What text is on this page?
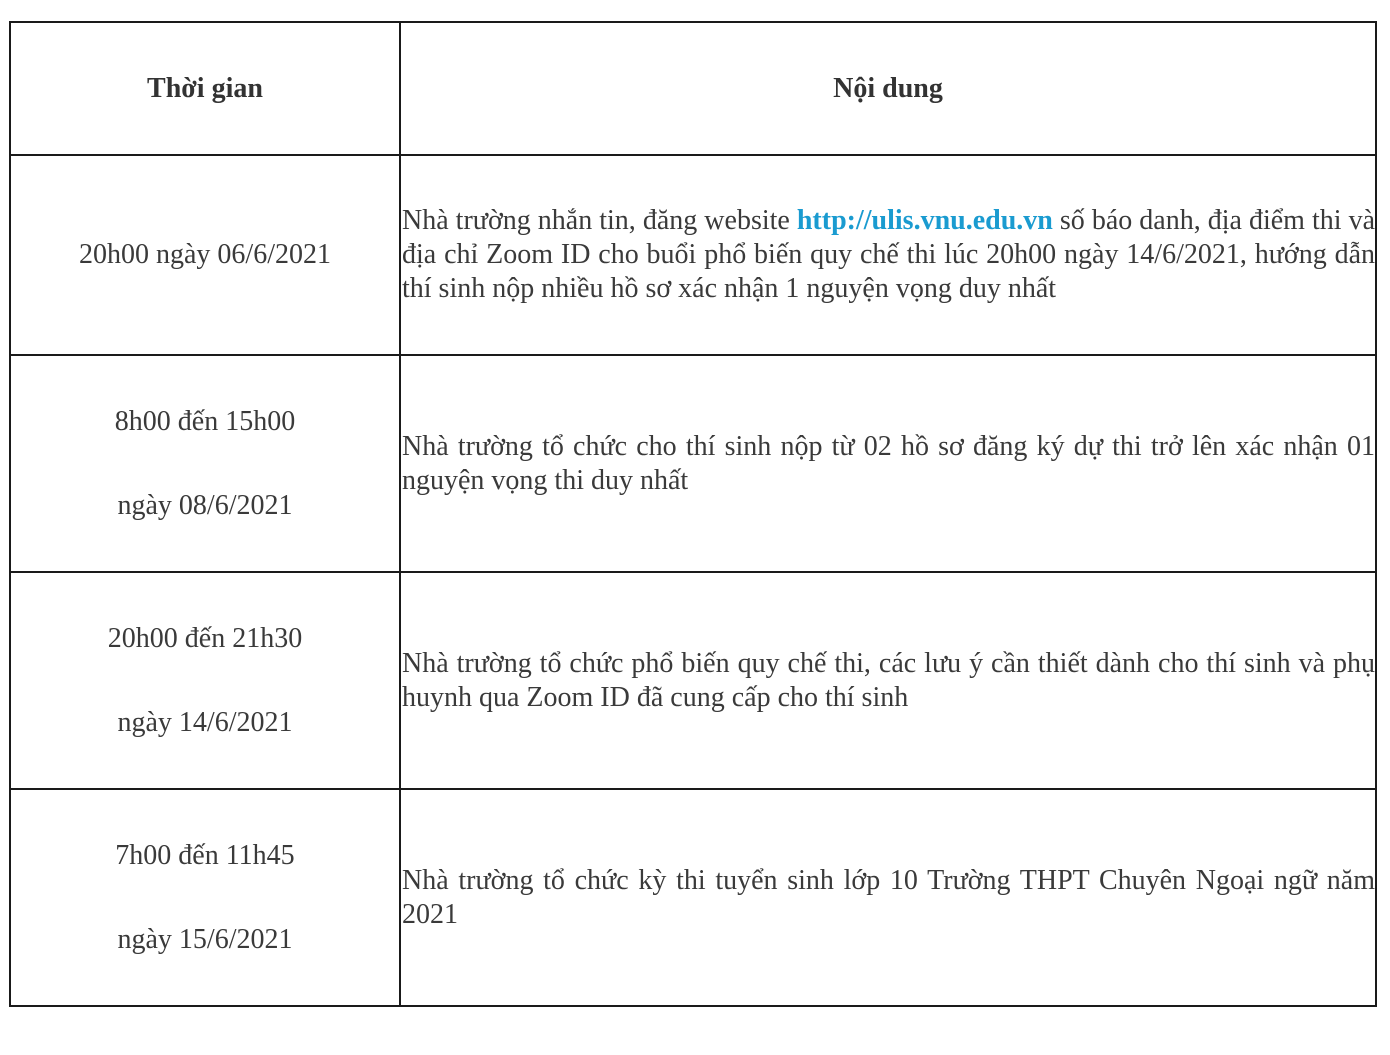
Thời gian	Nội dung

20h00 ngày 06/6/2021	Nhà trường nhắn tin, đăng website http://ulis.vnu.edu.vn số báo danh, địa điểm thi và địa chỉ Zoom ID cho buổi phổ biến quy chế thi lúc 20h00 ngày 14/6/2021, hướng dẫn thí sinh nộp nhiều hồ sơ xác nhận 1 nguyện vọng duy nhất

8h00 đến 15h00
ngày 08/6/2021	Nhà trường tổ chức cho thí sinh nộp từ 02 hồ sơ đăng ký dự thi trở lên xác nhận 01 nguyện vọng thi duy nhất

20h00 đến 21h30
ngày 14/6/2021	Nhà trường tổ chức phổ biến quy chế thi, các lưu ý cần thiết dành cho thí sinh và phụ huynh qua Zoom ID đã cung cấp cho thí sinh

7h00 đến 11h45
ngày 15/6/2021	Nhà trường tổ chức kỳ thi tuyển sinh lớp 10 Trường THPT Chuyên Ngoại ngữ năm 2021
